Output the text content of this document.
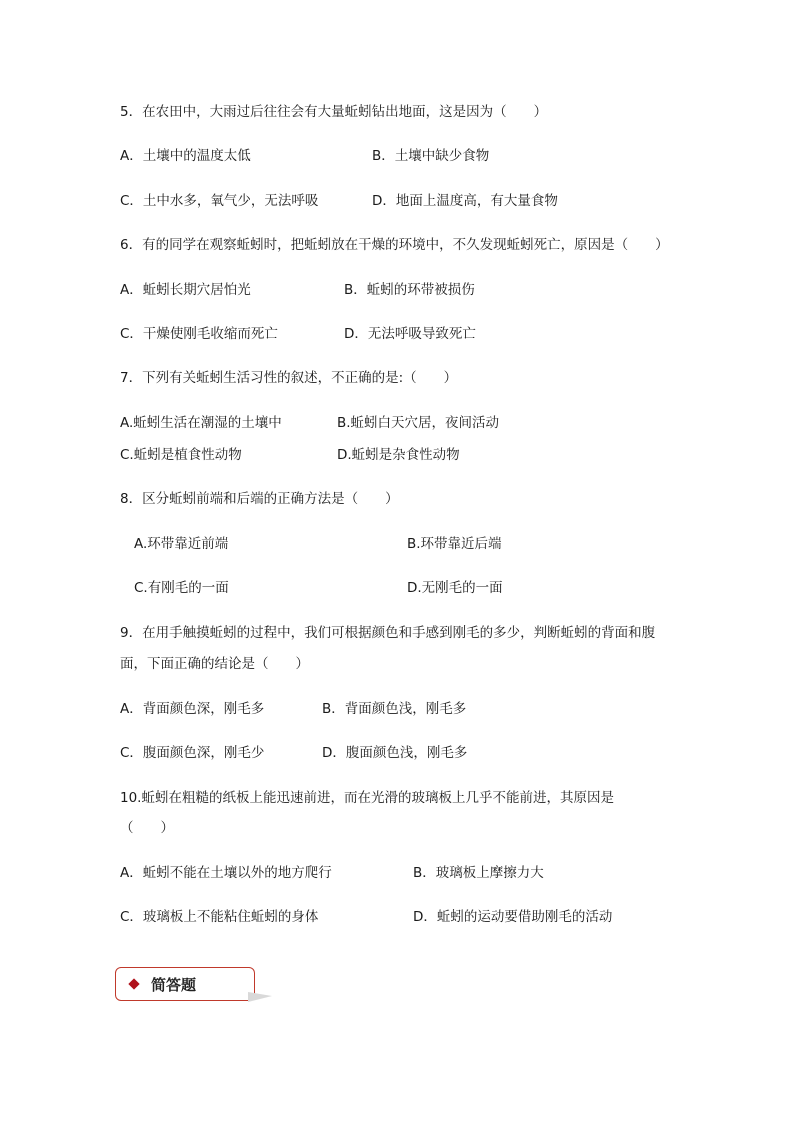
5．在农田中，大雨过后往往会有大量蚯蚓钻出地面，这是因为（　　）
A．土壤中的温度太低	B．土壤中缺少食物
C．土中水多，氧气少，无法呼吸	D．地面上温度高，有大量食物
6．有的同学在观察蚯蚓时，把蚯蚓放在干燥的环境中，不久发现蚯蚓死亡，原因是（　　）
A．蚯蚓长期穴居怕光	B．蚯蚓的环带被损伤
C．干燥使刚毛收缩而死亡	D．无法呼吸导致死亡
7．下列有关蚯蚓生活习性的叙述，不正确的是:（　　）
A.蚯蚓生活在潮湿的土壤中	B.蚯蚓白天穴居，夜间活动
C.蚯蚓是植食性动物	D.蚯蚓是杂食性动物
8．区分蚯蚓前端和后端的正确方法是（　　）
A.环带靠近前端	B.环带靠近后端
C.有刚毛的一面	D.无刚毛的一面
9．在用手触摸蚯蚓的过程中，我们可根据颜色和手感到刚毛的多少，判断蚯蚓的背面和腹
面，下面正确的结论是（　　）
A．背面颜色深，刚毛多	B．背面颜色浅，刚毛多
C．腹面颜色深，刚毛少	D．腹面颜色浅，刚毛多
10.蚯蚓在粗糙的纸板上能迅速前进，而在光滑的玻璃板上几乎不能前进，其原因是
（　　）
A．蚯蚓不能在土壤以外的地方爬行	B．玻璃板上摩擦力大
C．玻璃板上不能粘住蚯蚓的身体	D．蚯蚓的运动要借助刚毛的活动
简答题
